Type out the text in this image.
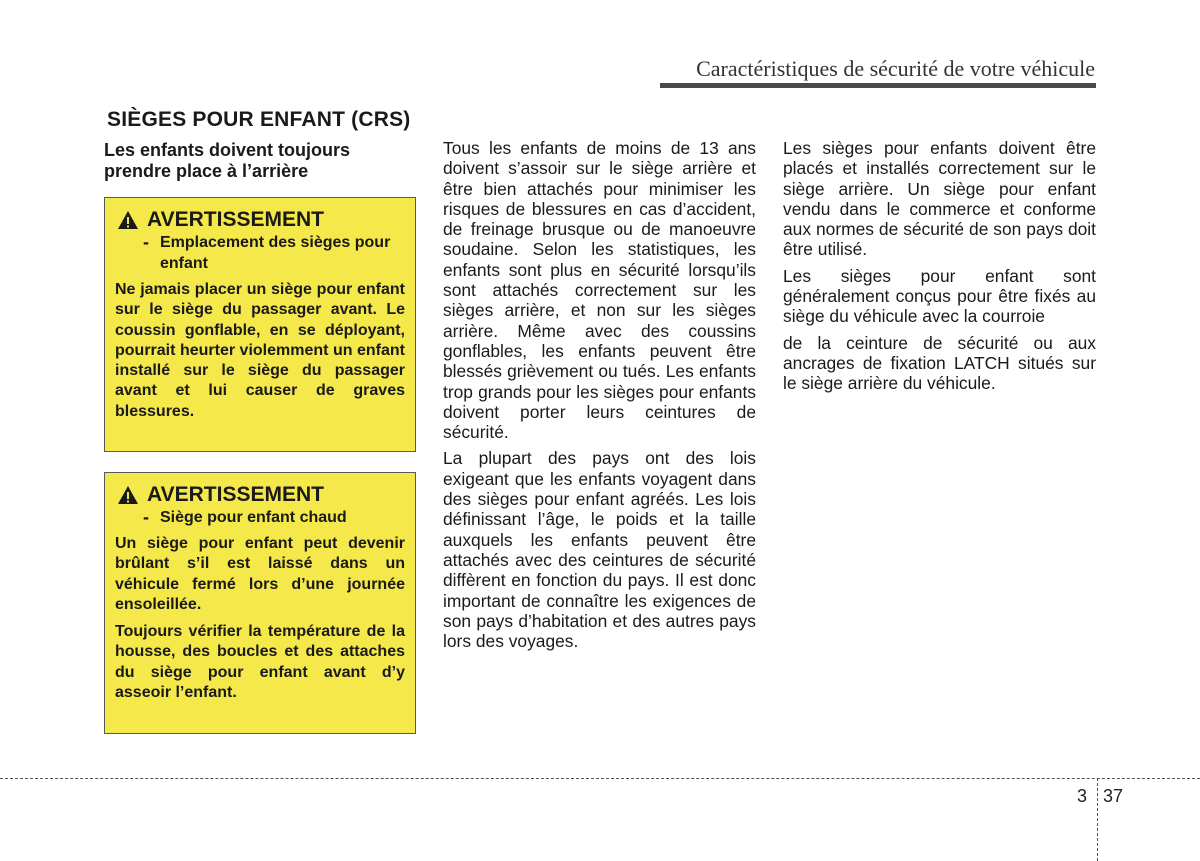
Caractéristiques de sécurité de votre véhicule
SIÈGES POUR ENFANT (CRS)
Les enfants doivent toujours prendre place à l’arrière
AVERTISSEMENT
- Emplacement des sièges pour enfant
Ne jamais placer un siège pour enfant sur le siège du passager avant. Le coussin gonflable, en se déployant, pourrait heurter violemment un enfant installé sur le siège du passager avant et lui causer de graves blessures.
AVERTISSEMENT
- Siège pour enfant chaud
Un siège pour enfant peut devenir brûlant s’il est laissé dans un véhicule fermé lors d’une journée ensoleillée.
Toujours vérifier la température de la housse, des boucles et des attaches du siège pour enfant avant d’y asseoir l’enfant.

Tous les enfants de moins de 13 ans doivent s’assoir sur le siège arrière et être bien attachés pour minimiser les risques de blessures en cas d’accident, de freinage brusque ou de manoeuvre soudaine. Selon les statistiques, les enfants sont plus en sécurité lorsqu’ils sont attachés correctement sur les sièges arrière, et non sur les sièges arrière. Même avec des coussins gonflables, les enfants peuvent être blessés grièvement ou tués. Les enfants trop grands pour les sièges pour enfants doivent porter leurs ceintures de sécurité.

La plupart des pays ont des lois exigeant que les enfants voyagent dans des sièges pour enfant agréés. Les lois définissant l’âge, le poids et la taille auxquels les enfants peuvent être attachés avec des ceintures de sécurité diffèrent en fonction du pays. Il est donc important de connaître les exigences de son pays d’habitation et des autres pays lors des voyages.

Les sièges pour enfants doivent être placés et installés correctement sur le siège arrière. Un siège pour enfant vendu dans le commerce et conforme aux normes de sécurité de son pays doit être utilisé.

Les sièges pour enfant sont généralement conçus pour être fixés au siège du véhicule avec la courroie

de la ceinture de sécurité ou aux ancrages de fixation LATCH situés sur le siège arrière du véhicule.

3 37
